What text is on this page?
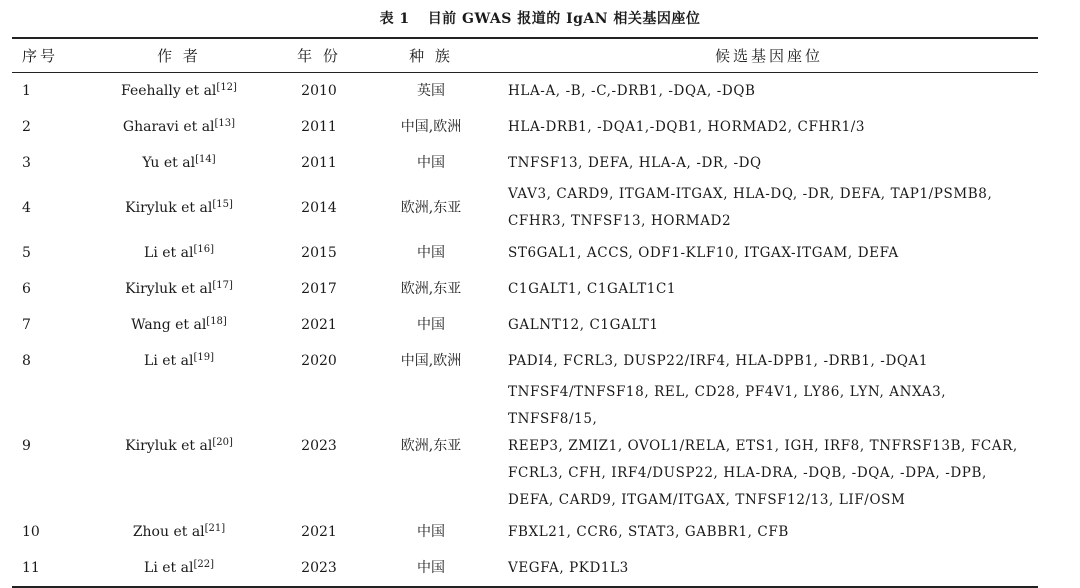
表 1 目前 GWAS 报道的 IgAN 相关基因座位
序号	作 者	年 份	种 族	候选基因座位
1	Feehally et al[12]	2010	英国	HLA-A, -B, -C,-DRB1, -DQA, -DQB

2	Gharavi et al[13]	2011	中国,欧洲	HLA-DRB1, -DQA1,-DQB1, HORMAD2, CFHR1/3

3	Yu et al[14]	2011	中国	TNFSF13, DEFA, HLA-A, -DR, -DQ

4	Kiryluk et al[15]	2014	欧洲,东亚	VAV3, CARD9, ITGAM-ITGAX, HLA-DQ, -DR, DEFA, TAP1/PSMB8,
CFHR3, TNFSF13, HORMAD2

5	Li et al[16]	2015	中国	ST6GAL1, ACCS, ODF1-KLF10, ITGAX-ITGAM, DEFA

6	Kiryluk et al[17]	2017	欧洲,东亚	C1GALT1, C1GALT1C1

7	Wang et al[18]	2021	中国	GALNT12, C1GALT1

8	Li et al[19]	2020	中国,欧洲	PADI4, FCRL3, DUSP22/IRF4, HLA-DPB1, -DRB1, -DQA1

9	Kiryluk et al[20]	2023	欧洲,东亚	TNFSF4/TNFSF18, REL, CD28, PF4V1, LY86, LYN, ANXA3, TNFSF8/15,
REEP3, ZMIZ1, OVOL1/RELA, ETS1, IGH, IRF8, TNFRSF13B, FCAR,
FCRL3, CFH, IRF4/DUSP22, HLA-DRA, -DQB, -DQA, -DPA, -DPB,
DEFA, CARD9, ITGAM/ITGAX, TNFSF12/13, LIF/OSM

10	Zhou et al[21]	2021	中国	FBXL21, CCR6, STAT3, GABBR1, CFB

11	Li et al[22]	2023	中国	VEGFA, PKD1L3
